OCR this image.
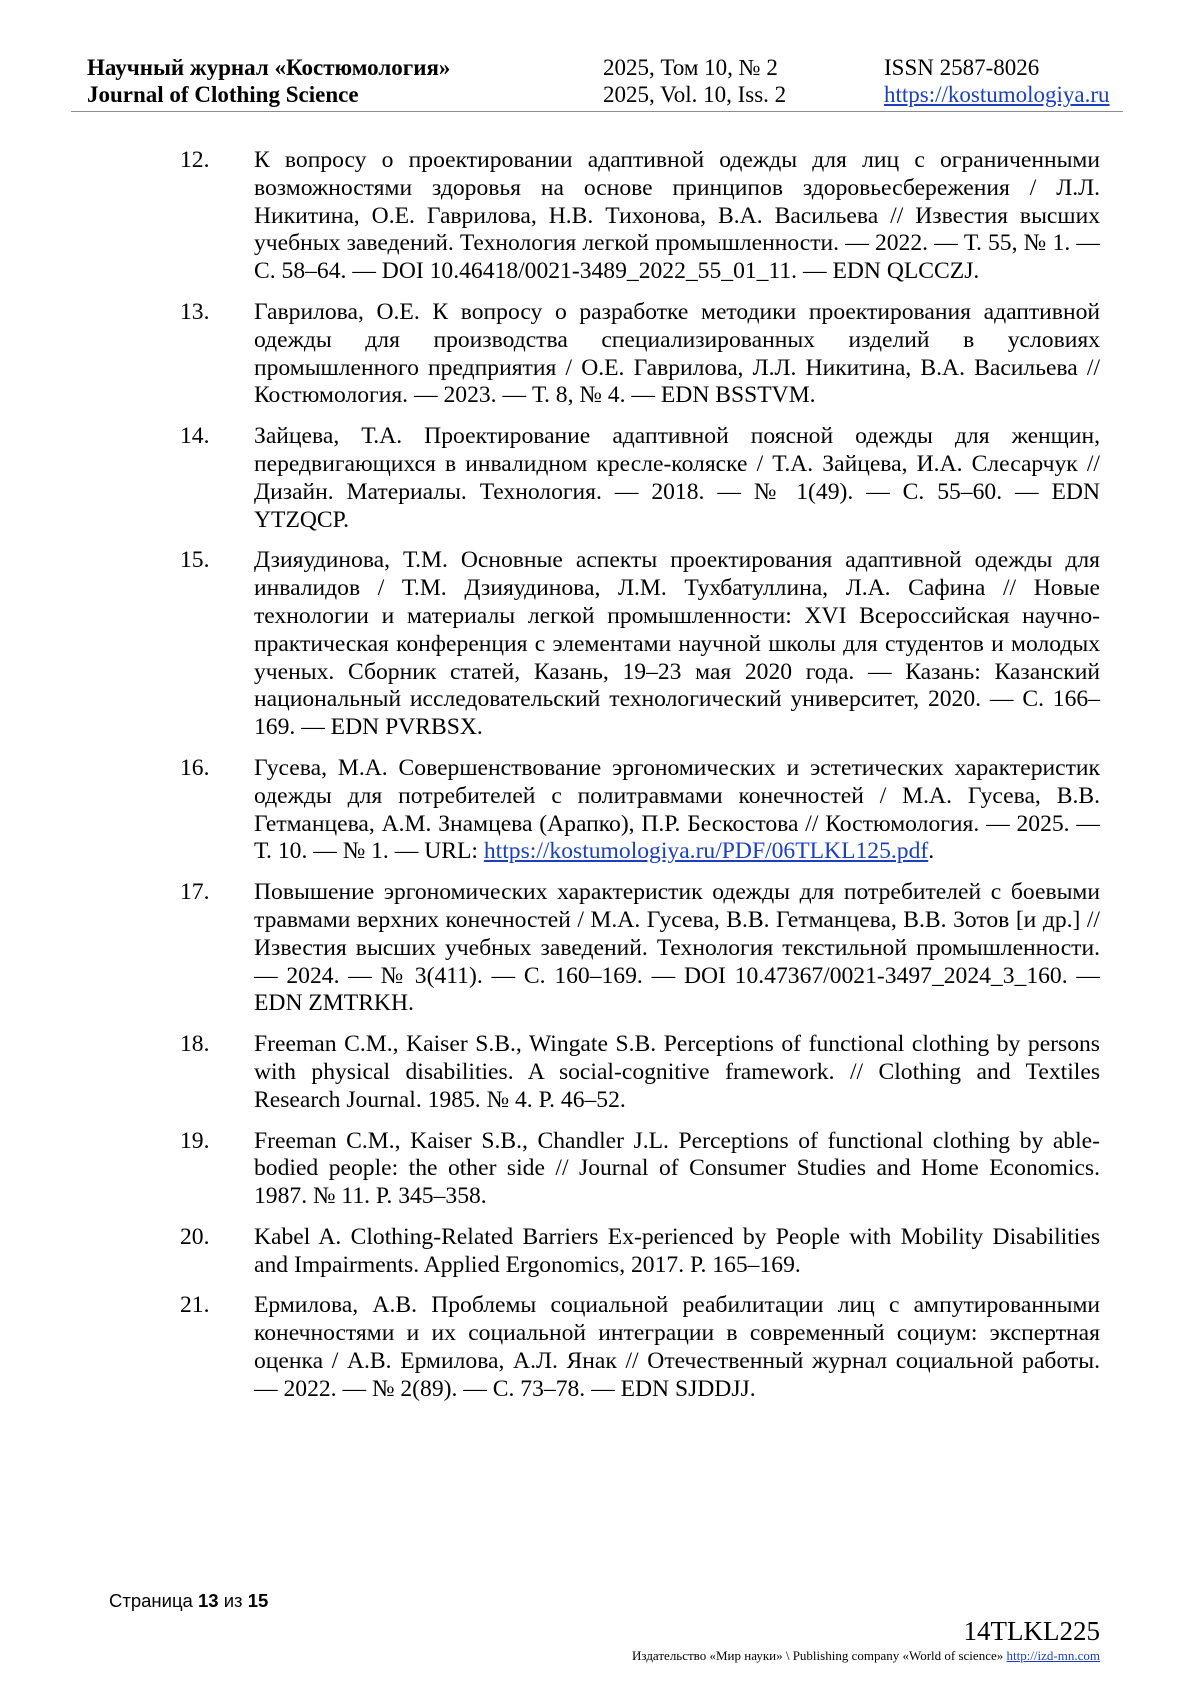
Научный журнал «Костюмология»
Journal of Clothing Science
2025, Том 10, № 2
2025, Vol. 10, Iss. 2
ISSN 2587-8026
https://kostumologiya.ru
12.	К вопросу о проектировании адаптивной одежды для лиц с ограниченными возможностями здоровья на основе принципов здоровьесбережения / Л.Л. Никитина, О.Е. Гаврилова, Н.В. Тихонова, В.А. Васильева // Известия высших учебных заведений. Технология легкой промышленности. — 2022. — Т. 55, № 1. — С. 58–64. — DOI 10.46418/0021-3489_2022_55_01_11. — EDN QLCCZJ.
13.	Гаврилова, О.Е. К вопросу о разработке методики проектирования адаптивной одежды для производства специализированных изделий в условиях промышленного предприятия / О.Е. Гаврилова, Л.Л. Никитина, В.А. Васильева // Костюмология. — 2023. — Т. 8, № 4. — EDN BSSTVM.
14.	Зайцева, Т.А. Проектирование адаптивной поясной одежды для женщин, передвигающихся в инвалидном кресле-коляске / Т.А. Зайцева, И.А. Слесарчук // Дизайн. Материалы. Технология. — 2018. — № 1(49). — С. 55–60. — EDN YTZQCP.
15.	Дзияудинова, Т.М. Основные аспекты проектирования адаптивной одежды для инвалидов / Т.М. Дзияудинова, Л.М. Тухбатуллина, Л.А. Сафина // Новые технологии и материалы легкой промышленности: XVI Всероссийская научно-практическая конференция с элементами научной школы для студентов и молодых ученых. Сборник статей, Казань, 19–23 мая 2020 года. — Казань: Казанский национальный исследовательский технологический университет, 2020. — С. 166–169. — EDN PVRBSX.
16.	Гусева, М.А. Совершенствование эргономических и эстетических характеристик одежды для потребителей с политравмами конечностей / М.А. Гусева, В.В. Гетманцева, А.М. Знамцева (Арапко), П.Р. Бескостова // Костюмология. — 2025. — Т. 10. — № 1. — URL: https://kostumologiya.ru/PDF/06TLKL125.pdf.
17.	Повышение эргономических характеристик одежды для потребителей с боевыми травмами верхних конечностей / М.А. Гусева, В.В. Гетманцева, В.В. Зотов [и др.] // Известия высших учебных заведений. Технология текстильной промышленности. — 2024. — № 3(411). — С. 160–169. — DOI 10.47367/0021-3497_2024_3_160. — EDN ZMTRKH.
18.	Freeman C.M., Kaiser S.B., Wingate S.B. Perceptions of functional clothing by persons with physical disabilities. A social-cognitive framework. // Clothing and Textiles Research Journal. 1985. № 4. P. 46–52.
19.	Freeman C.M., Kaiser S.B., Chandler J.L. Perceptions of functional clothing by able-bodied people: the other side // Journal of Consumer Studies and Home Economics. 1987. № 11. P. 345–358.
20.	Kabel A. Clothing-Related Barriers Ex-perienced by People with Mobility Disabilities and Impairments. Applied Ergonomics, 2017. P. 165–169.
21.	Ермилова, А.В. Проблемы социальной реабилитации лиц с ампутированными конечностями и их социальной интеграции в современный социум: экспертная оценка / А.В. Ермилова, А.Л. Янак // Отечественный журнал социальной работы. — 2022. — № 2(89). — С. 73–78. — EDN SJDDJJ.
Страница 13 из 15
14TLKL225
Издательство «Мир науки» \ Publishing company «World of science» http://izd-mn.com
